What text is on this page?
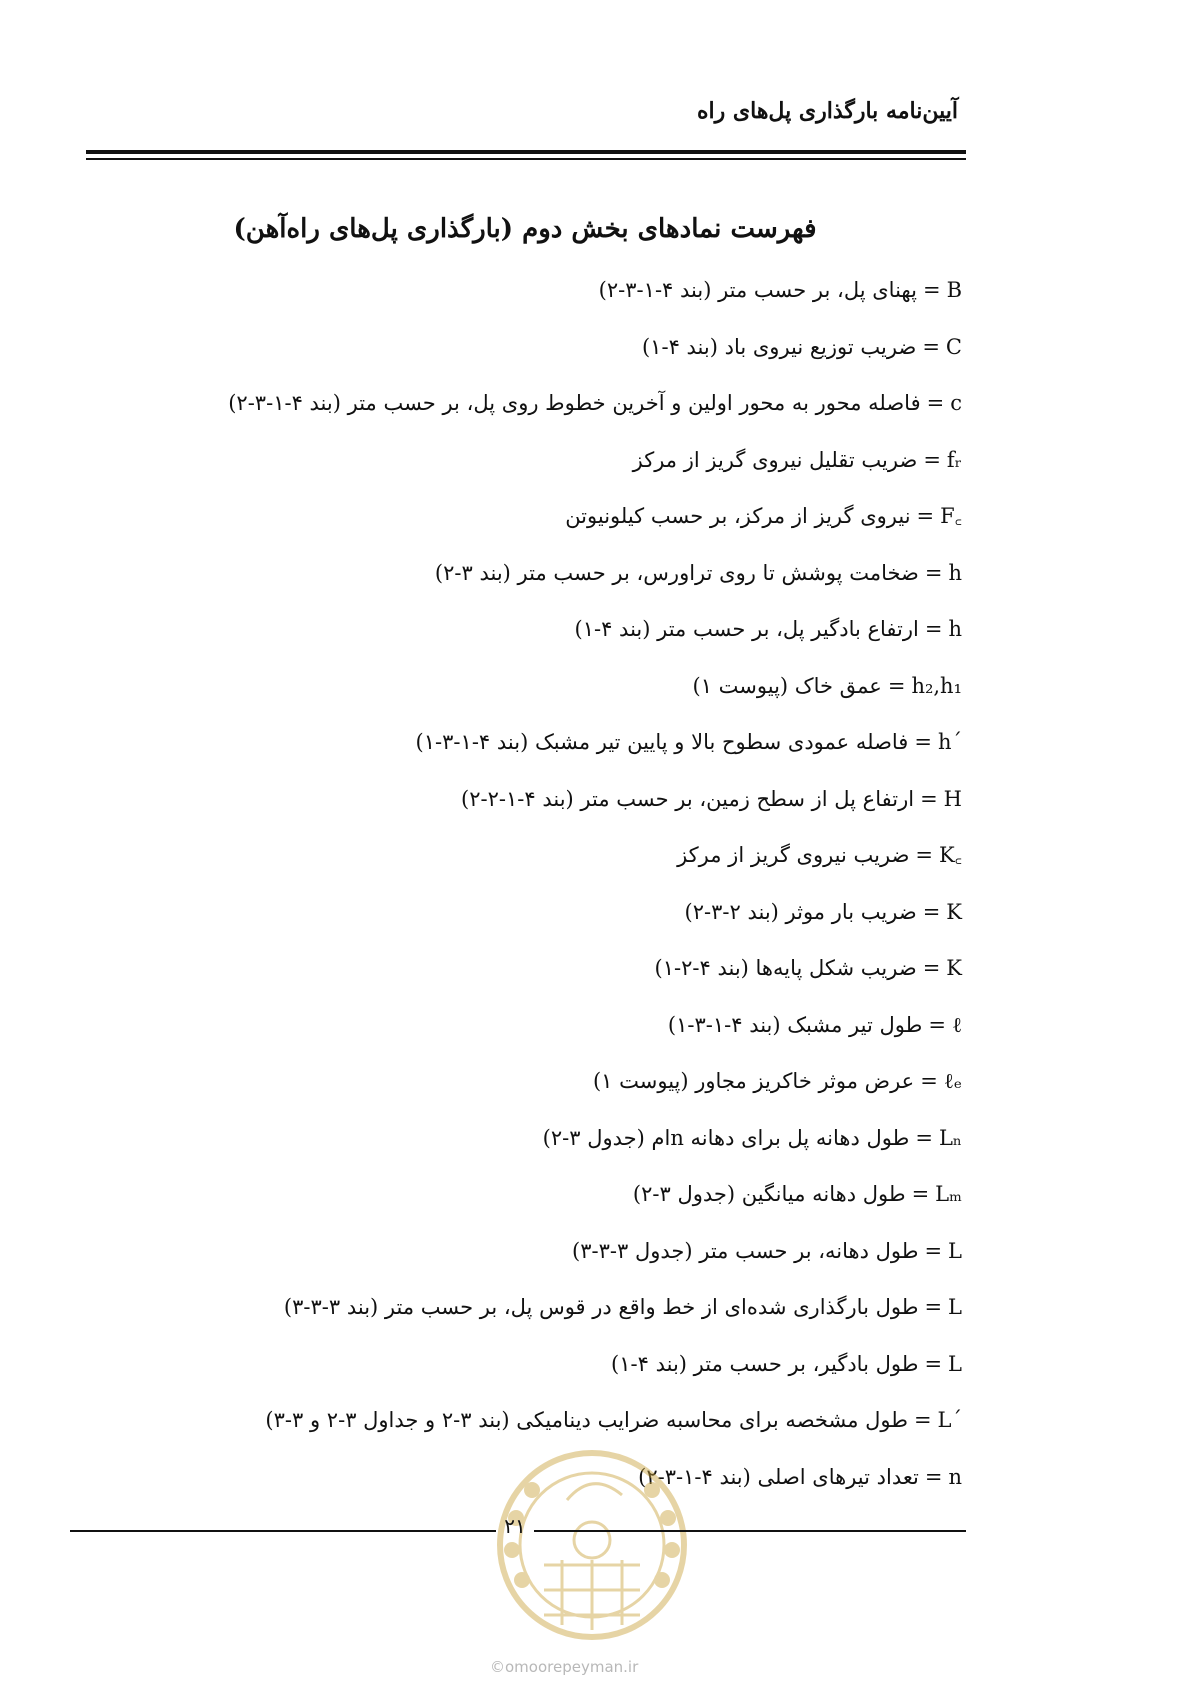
آیین‌نامه بارگذاری پل‌های راه
فهرست نمادهای بخش دوم (بارگذاری پل‌های راه‌آهن)
B=پهنای پل، بر حسب متر (بند ۴-۱-۳-۲)
C=ضریب توزیع نیروی باد (بند ۴-۱)
c=فاصله محور به محور اولین و آخرین خطوط روی پل، بر حسب متر (بند ۴-۱-۳-۲)
fᵣ=ضریب تقلیل نیروی گریز از مرکز
F꜀=نیروی گریز از مرکز، بر حسب کیلونیوتن
h=ضخامت پوشش تا روی تراورس، بر حسب متر (بند ۳-۲)
h=ارتفاع بادگیر پل، بر حسب متر (بند ۴-۱)
h₂,h₁=عمق خاک (پیوست ۱)
h´=فاصله عمودی سطوح بالا و پایین تیر مشبک (بند ۴-۱-۳-۱)
H=ارتفاع پل از سطح زمین، بر حسب متر (بند ۴-۱-۲-۲)
K꜀=ضریب نیروی گریز از مرکز
K=ضریب بار موثر (بند ۲-۳-۲)
K=ضریب شکل پایه‌ها (بند ۴-۲-۱)
ℓ=طول تیر مشبک (بند ۴-۱-۳-۱)
ℓₑ=عرض موثر خاکریز مجاور (پیوست ۱)
Lₙ=طول دهانه پل برای دهانه nام (جدول ۳-۲)
Lₘ=طول دهانه میانگین (جدول ۳-۲)
L=طول دهانه، بر حسب متر (جدول ۳-۳-۳)
L=طول بارگذاری شده‌ای از خط واقع در قوس پل، بر حسب متر (بند ۳-۳-۳)
L=طول بادگیر، بر حسب متر (بند ۴-۱)
L´=طول مشخصه برای محاسبه ضرایب دینامیکی (بند ۳-۲ و جداول ۳-۲ و ۳-۳)
n=تعداد تیرهای اصلی (بند ۴-۱-۳-۲)
۲۱
©omoorepeyman.ir
